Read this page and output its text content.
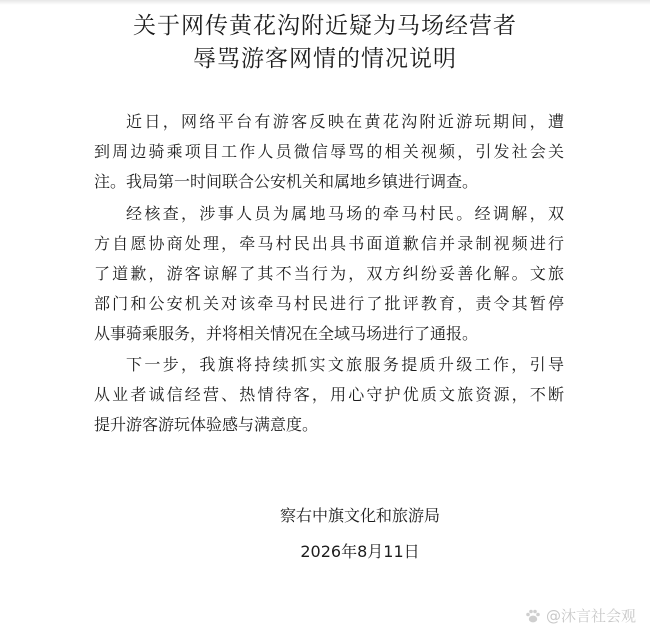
关于网传黄花沟附近疑为马场经营者
辱骂游客网情的情况说明
近日，网络平台有游客反映在黄花沟附近游玩期间，遭
到周边骑乘项目工作人员微信辱骂的相关视频，引发社会关
注。我局第一时间联合公安机关和属地乡镇进行调查。
经核查，涉事人员为属地马场的牵马村民。经调解，双
方自愿协商处理，牵马村民出具书面道歉信并录制视频进行
了道歉，游客谅解了其不当行为，双方纠纷妥善化解。文旅
部门和公安机关对该牵马村民进行了批评教育，责令其暂停
从事骑乘服务，并将相关情况在全域马场进行了通报。
下一步，我旗将持续抓实文旅服务提质升级工作，引导
从业者诚信经营、热情待客，用心守护优质文旅资源，不断
提升游客游玩体验感与满意度。
察右中旗文化和旅游局
2026年8月11日
@沐言社会观
